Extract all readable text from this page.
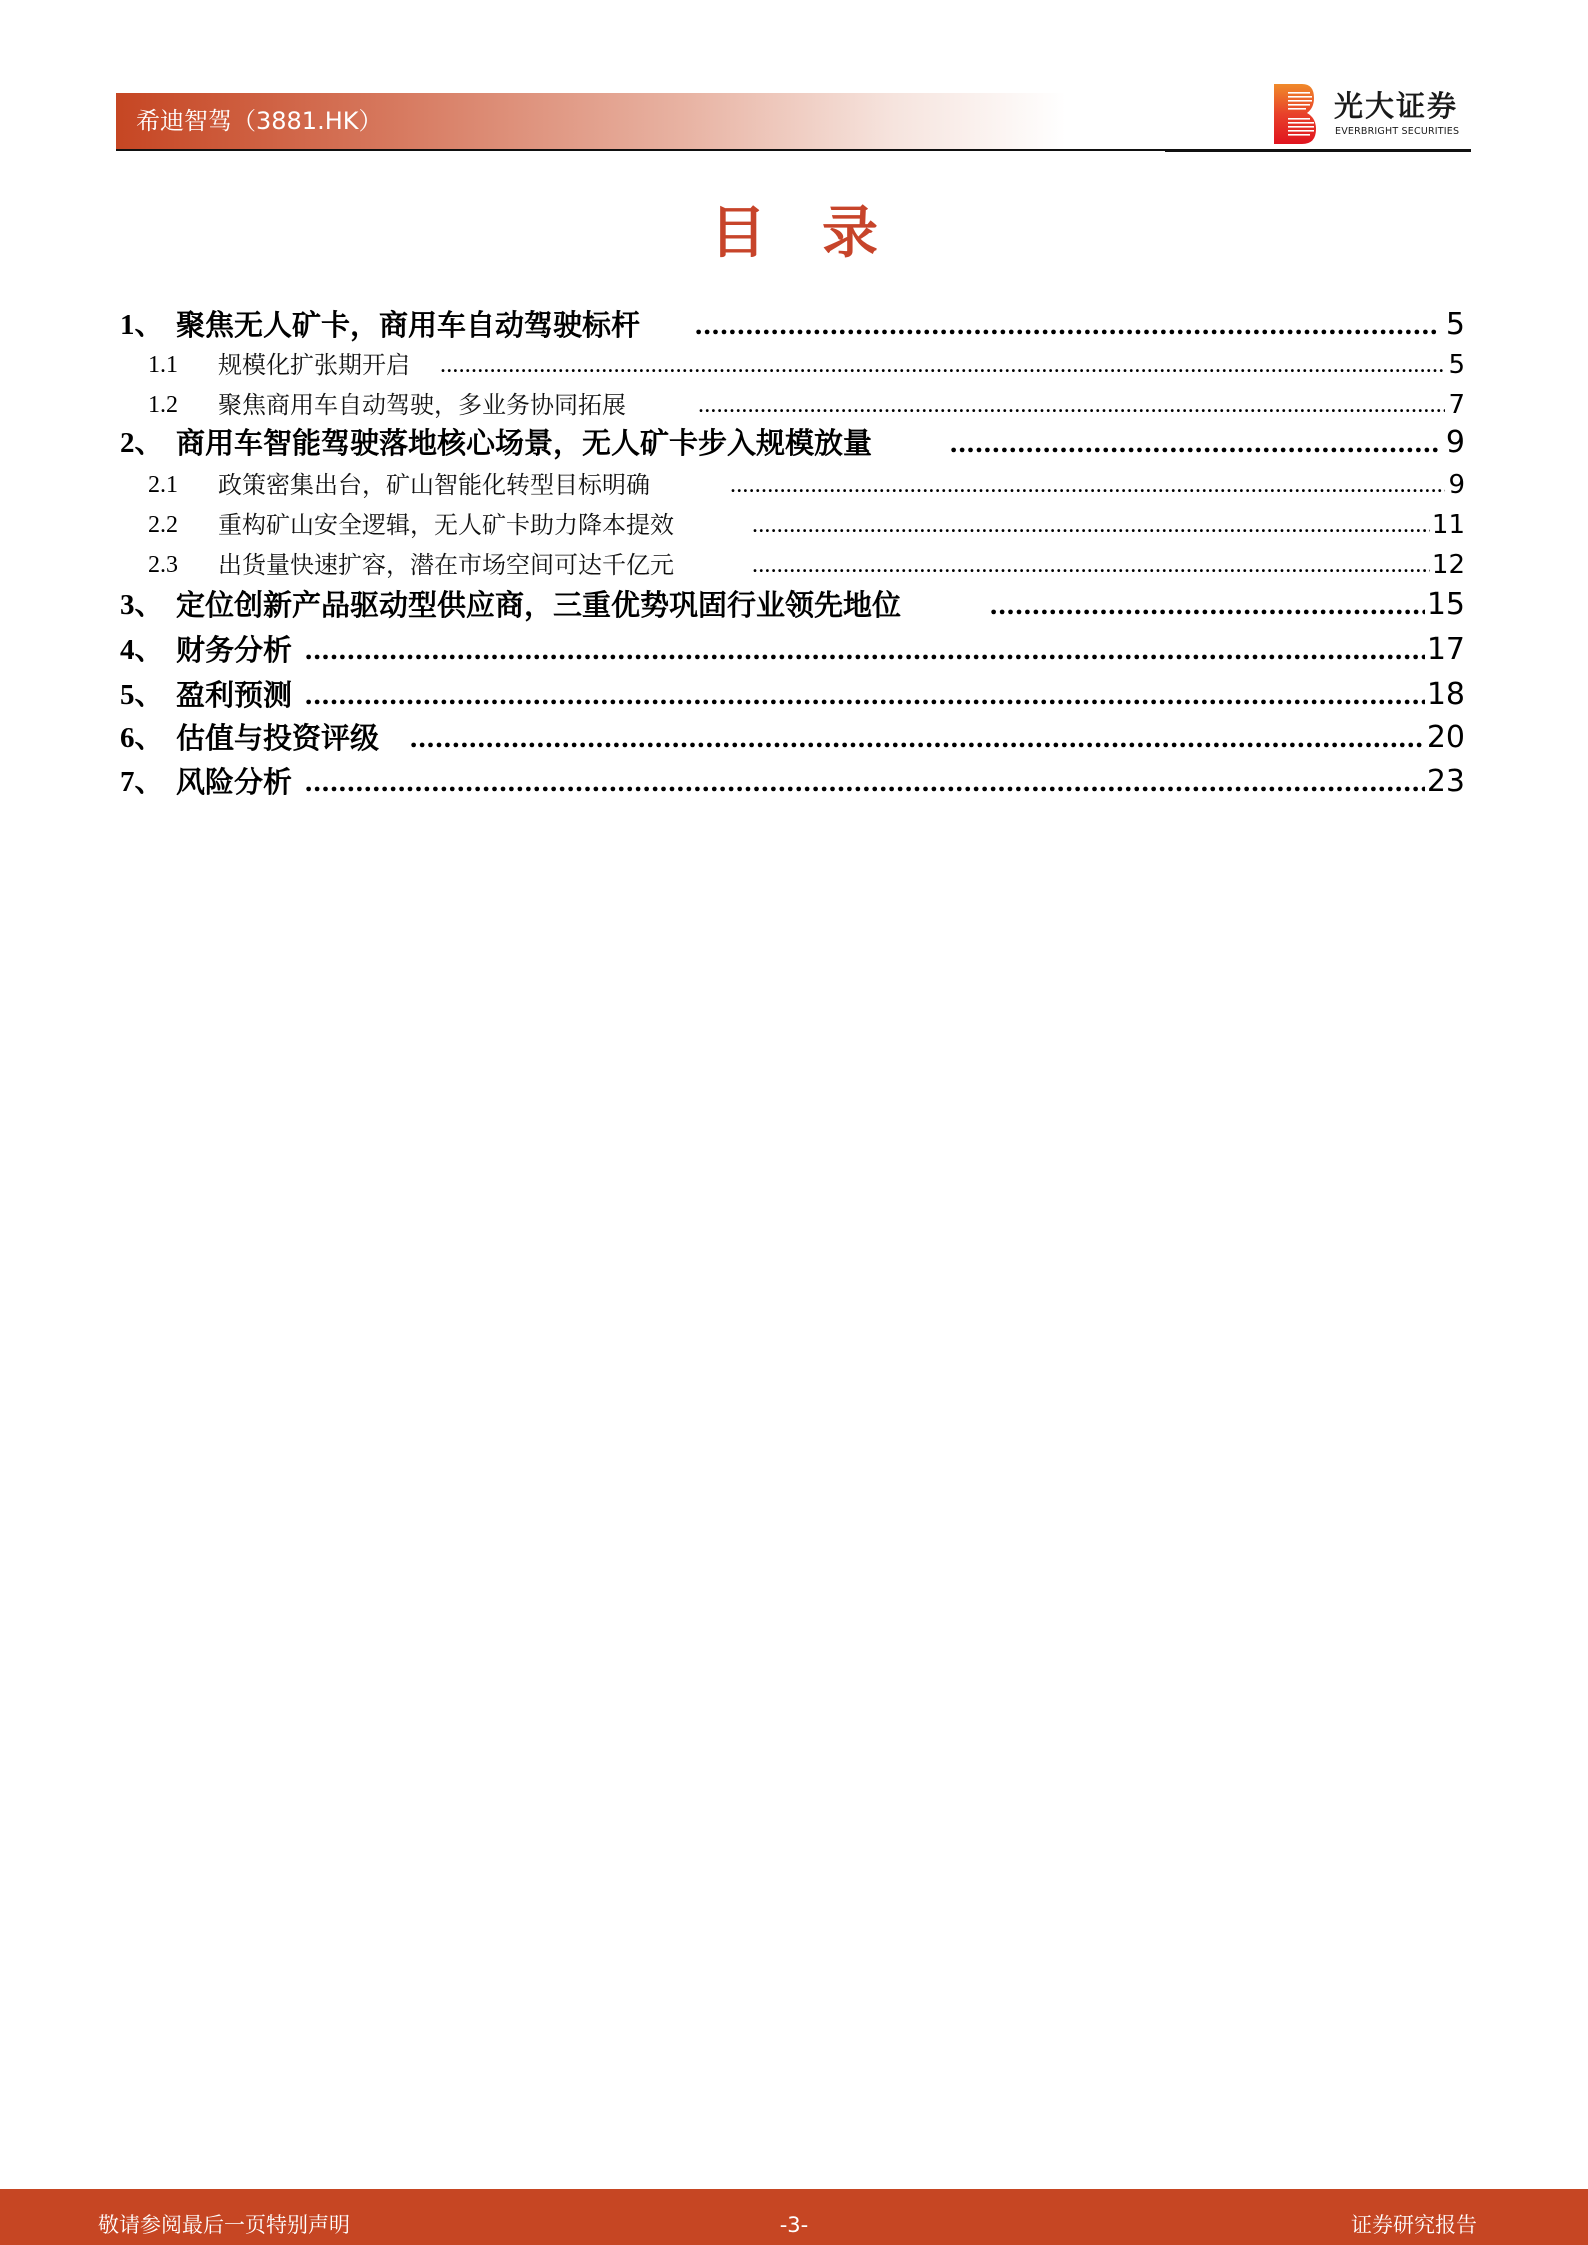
希迪智驾（3881.HK）	光大证券
EVERBRIGHT SECURITIES
目录
1、 聚焦无人矿卡，商用车自动驾驶标杆 .....	5
1.1 规模化扩张期开启 .....	5
1.2 聚焦商用车自动驾驶，多业务协同拓展 .....	7
2、 商用车智能驾驶落地核心场景，无人矿卡步入规模放量 .....	9
2.1 政策密集出台，矿山智能化转型目标明确 .....	9
2.2 重构矿山安全逻辑，无人矿卡助力降本提效 .....	11
2.3 出货量快速扩容，潜在市场空间可达千亿元 .....	12
3、 定位创新产品驱动型供应商，三重优势巩固行业领先地位 .....	15
4、 财务分析 .....	17
5、 盈利预测 .....	18
6、 估值与投资评级 .....	20
7、 风险分析 .....	23
敬请参阅最后一页特别声明	-3-	证券研究报告
